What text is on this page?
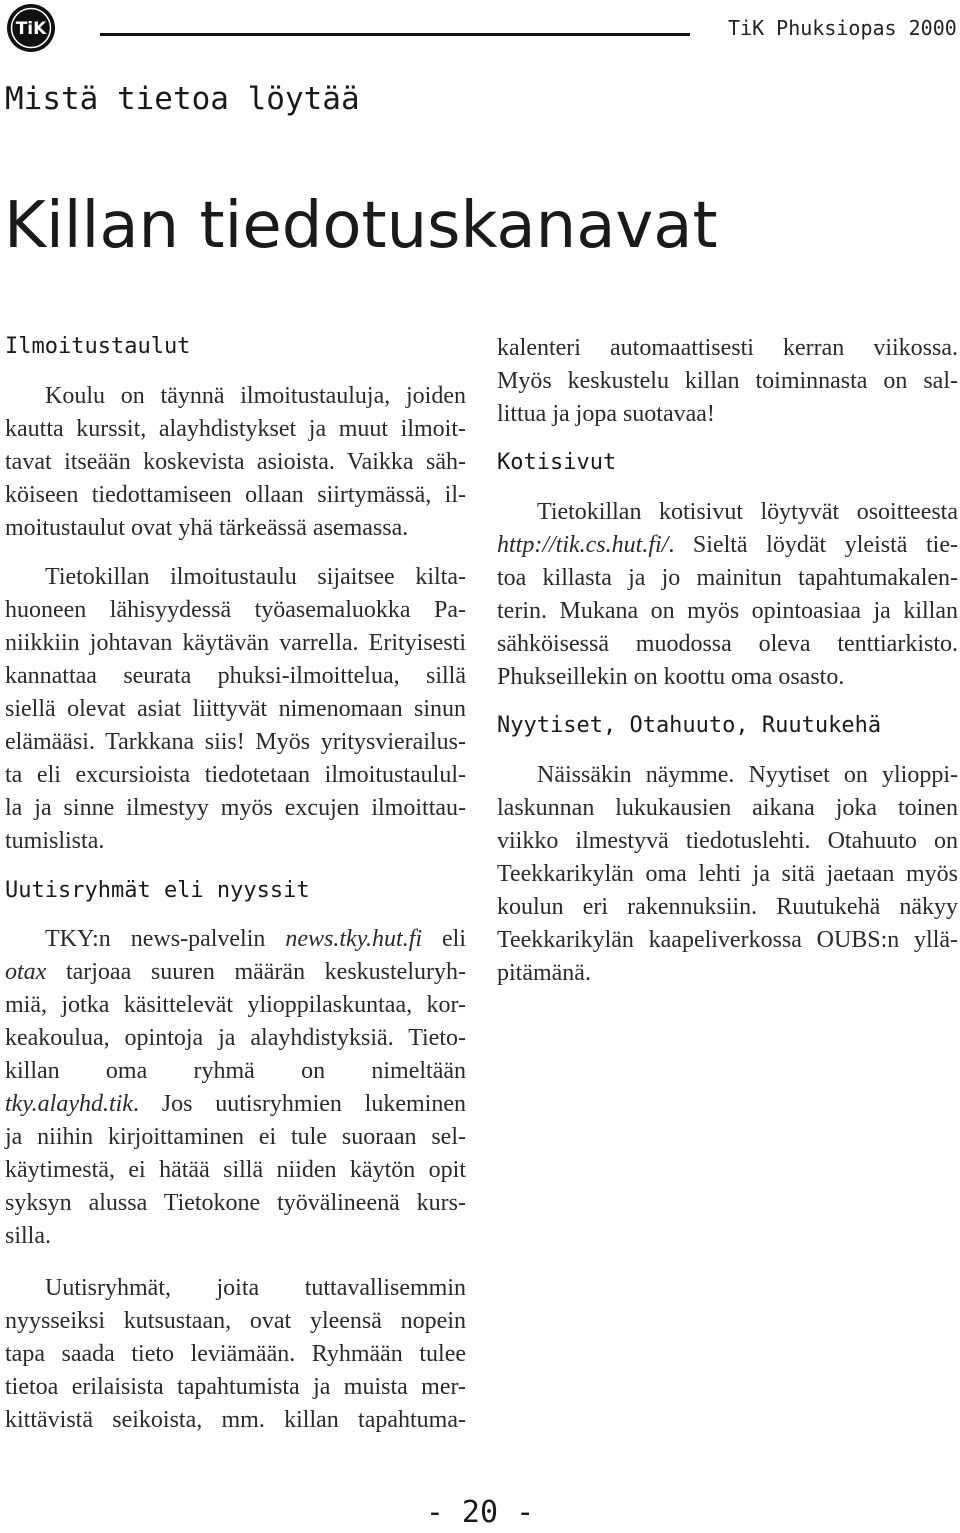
TiK	TiK Phuksiopas 2000
Mistä tietoa löytää
Killan tiedotuskanavat
Ilmoitustaulut
Koulu on täynnä ilmoitustauluja, joiden
kautta kurssit, alayhdistykset ja muut ilmoit-
tavat itseään koskevista asioista. Vaikka säh-
köiseen tiedottamiseen ollaan siirtymässä, il-
moitustaulut ovat yhä tärkeässä asemassa.
Tietokillan ilmoitustaulu sijaitsee kilta-
huoneen lähisyydessä työasemaluokka Pa-
niikkiin johtavan käytävän varrella. Erityisesti
kannattaa seurata phuksi-ilmoittelua, sillä
siellä olevat asiat liittyvät nimenomaan sinun
elämääsi. Tarkkana siis! Myös yritysvierailus-
ta eli excursioista tiedotetaan ilmoitustaulul-
la ja sinne ilmestyy myös excujen ilmoittau-
tumislista.
Uutisryhmät eli nyyssit
TKY:n news-palvelin news.tky.hut.fi eli
otax tarjoaa suuren määrän keskusteluryh-
miä, jotka käsittelevät ylioppilaskuntaa, kor-
keakoulua, opintoja ja alayhdistyksiä. Tieto-
killan oma ryhmä on nimeltään
tky.alayhd.tik. Jos uutisryhmien lukeminen
ja niihin kirjoittaminen ei tule suoraan sel-
käytimestä, ei hätää sillä niiden käytön opit
syksyn alussa Tietokone työvälineenä kurs-
silla.
Uutisryhmät, joita tuttavallisemmin
nyysseiksi kutsustaan, ovat yleensä nopein
tapa saada tieto leviämään. Ryhmään tulee
tietoa erilaisista tapahtumista ja muista mer-
kittävistä seikoista, mm. killan tapahtuma-
kalenteri automaattisesti kerran viikossa.
Myös keskustelu killan toiminnasta on sal-
littua ja jopa suotavaa!
Kotisivut
Tietokillan kotisivut löytyvät osoitteesta
http://tik.cs.hut.fi/. Sieltä löydät yleistä tie-
toa killasta ja jo mainitun tapahtumakalen-
terin. Mukana on myös opintoasiaa ja killan
sähköisessä muodossa oleva tenttiarkisto.
Phukseillekin on koottu oma osasto.
Nyytiset, Otahuuto, Ruutukehä
Näissäkin näymme. Nyytiset on ylioppi-
laskunnan lukukausien aikana joka toinen
viikko ilmestyvä tiedotuslehti. Otahuuto on
Teekkarikylän oma lehti ja sitä jaetaan myös
koulun eri rakennuksiin. Ruutukehä näkyy
Teekkarikylän kaapeliverkossa OUBS:n yllä-
pitämänä.
- 20 -
